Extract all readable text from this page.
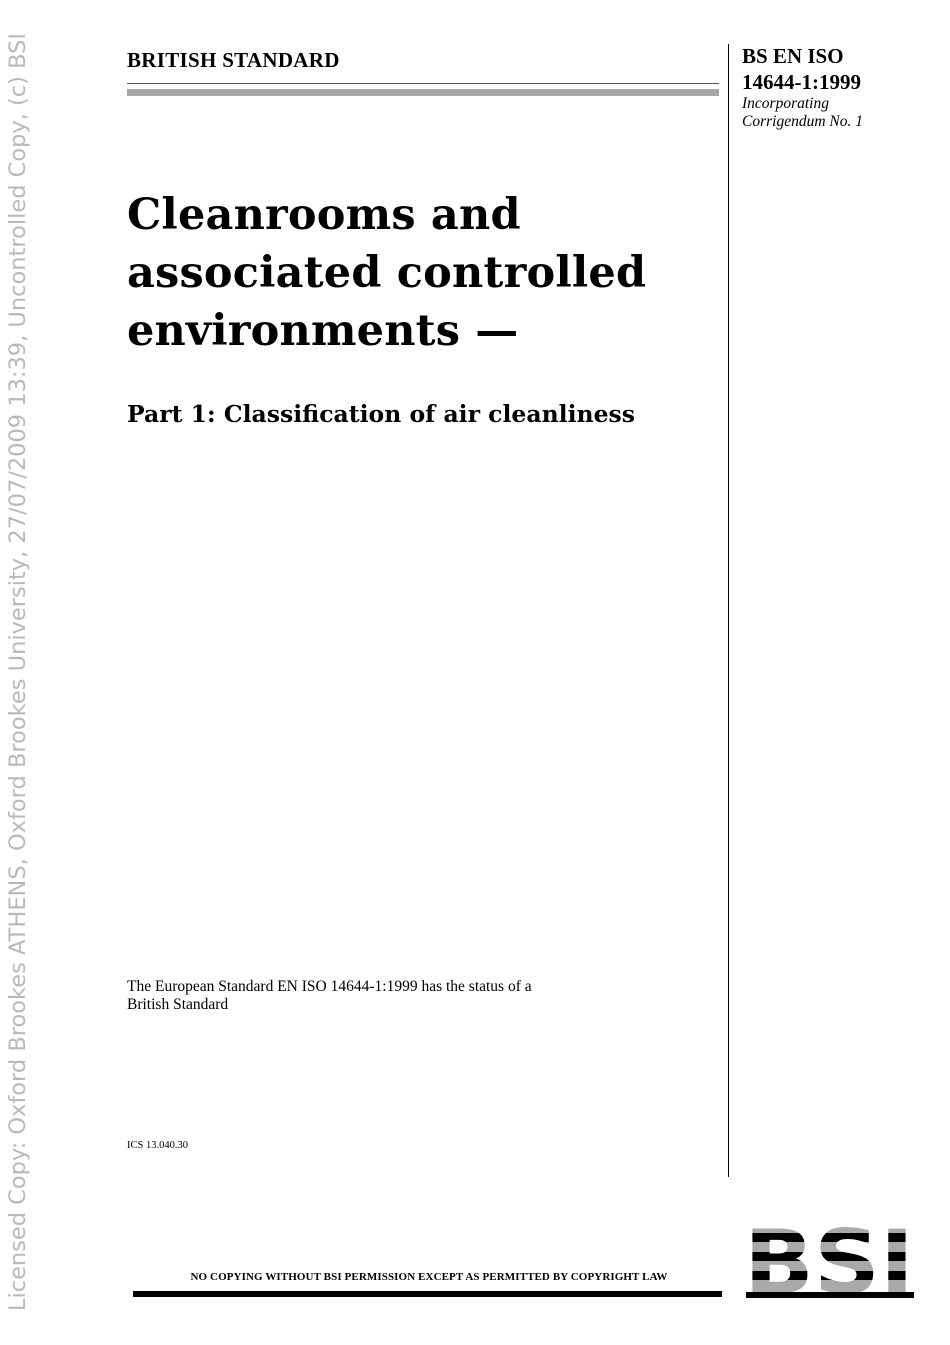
Licensed Copy: Oxford Brookes ATHENS, Oxford Brookes University, 27/07/2009 13:39, Uncontrolled Copy, (c) BSI	BRITISH STANDARD	BS EN ISO
14644-1:1999
Incorporating
Corrigendum No. 1
Cleanrooms and
associated controlled
environments —
Part 1: Classification of air cleanliness
The European Standard EN ISO 14644-1:1999 has the status of a
British Standard
ICS 13.040.30
NO COPYING WITHOUT BSI PERMISSION EXCEPT AS PERMITTED BY COPYRIGHT LAW
